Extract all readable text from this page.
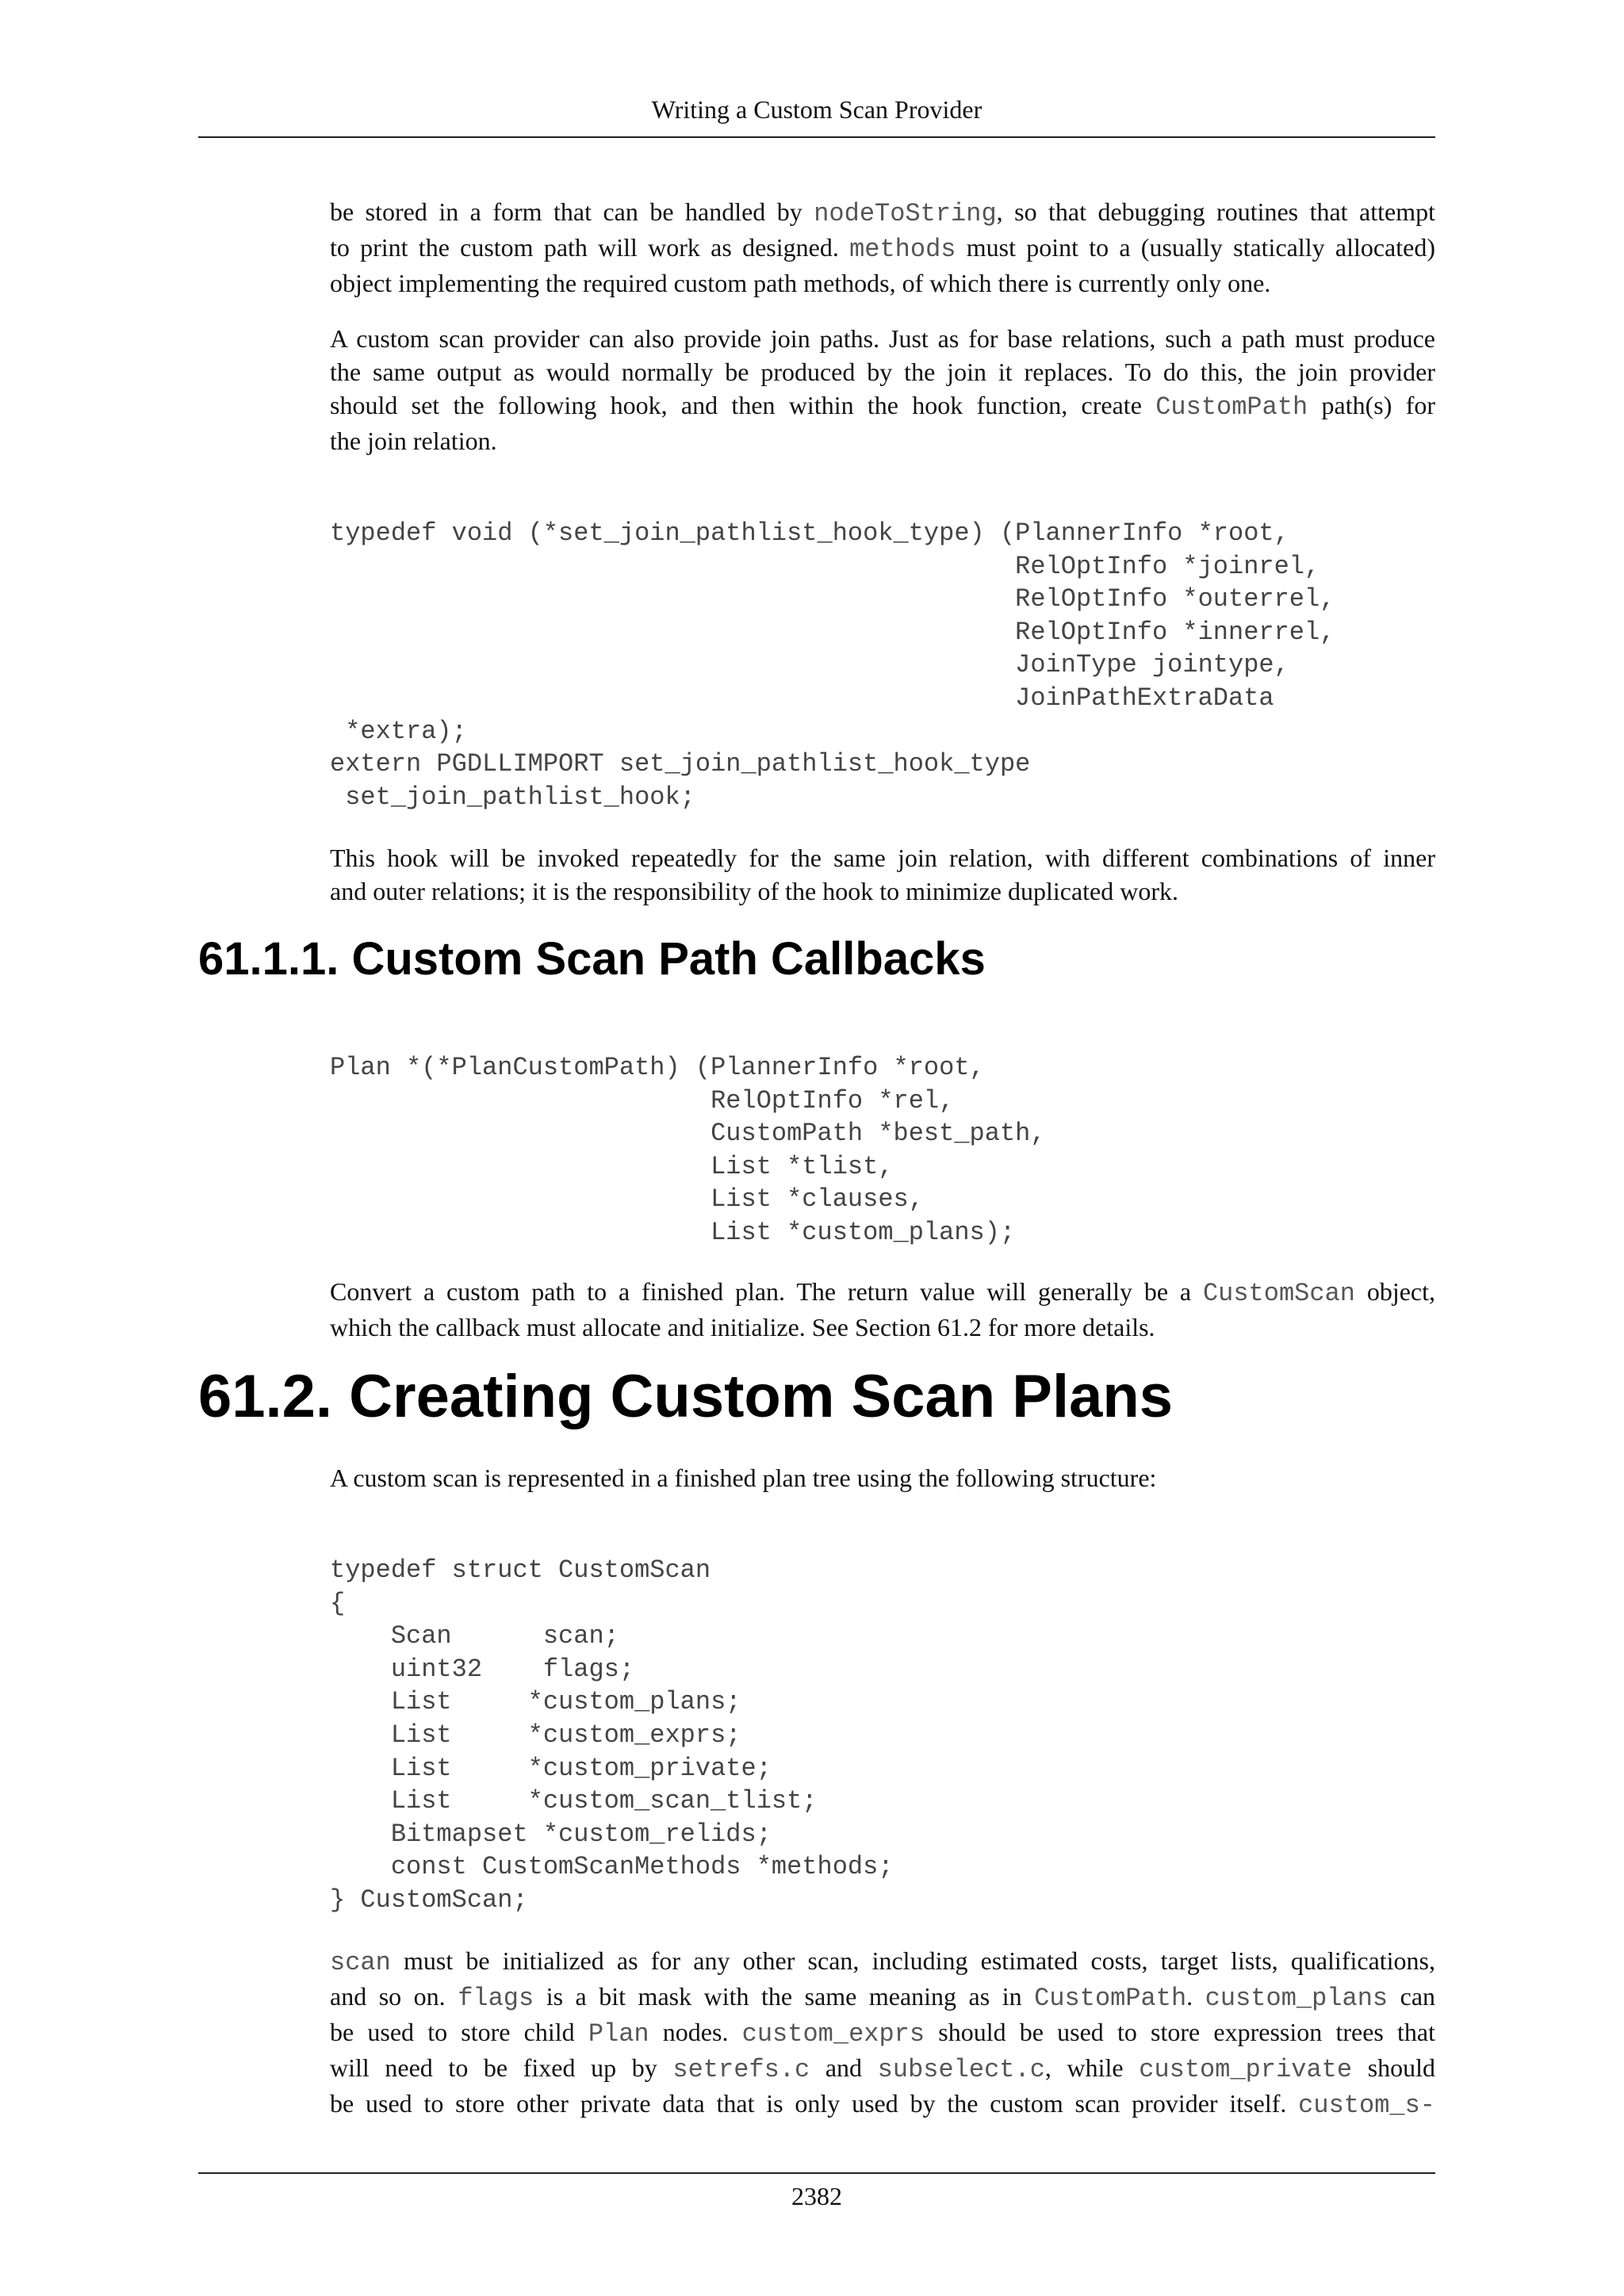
Writing a Custom Scan Provider

be stored in a form that can be handled by nodeToString, so that debugging routines that attempt
to print the custom path will work as designed. methods must point to a (usually statically allocated)
object implementing the required custom path methods, of which there is currently only one.

A custom scan provider can also provide join paths. Just as for base relations, such a path must produce
the same output as would normally be produced by the join it replaces. To do this, the join provider
should set the following hook, and then within the hook function, create CustomPath path(s) for
the join relation.

typedef void (*set_join_pathlist_hook_type) (PlannerInfo *root,
RelOptInfo *joinrel,
RelOptInfo *outerrel,
RelOptInfo *innerrel,
JoinType jointype,
JoinPathExtraData
*extra);
extern PGDLLIMPORT set_join_pathlist_hook_type
set_join_pathlist_hook;

This hook will be invoked repeatedly for the same join relation, with different combinations of inner
and outer relations; it is the responsibility of the hook to minimize duplicated work.

61.1.1. Custom Scan Path Callbacks
Plan *(*PlanCustomPath) (PlannerInfo *root,
RelOptInfo *rel,
CustomPath *best_path,
List *tlist,
List *clauses,
List *custom_plans);

Convert a custom path to a finished plan. The return value will generally be a CustomScan object,
which the callback must allocate and initialize. See Section 61.2 for more details.

61.2. Creating Custom Scan Plans

A custom scan is represented in a finished plan tree using the following structure:

typedef struct CustomScan
{
Scan      scan;
uint32    flags;
List     *custom_plans;
List     *custom_exprs;
List     *custom_private;
List     *custom_scan_tlist;
Bitmapset *custom_relids;
const CustomScanMethods *methods;
} CustomScan;

scan must be initialized as for any other scan, including estimated costs, target lists, qualifications,
and so on. flags is a bit mask with the same meaning as in CustomPath. custom_plans can
be used to store child Plan nodes. custom_exprs should be used to store expression trees that
will need to be fixed up by setrefs.c and subselect.c, while custom_private should
be used to store other private data that is only used by the custom scan provider itself. custom_s-

2382
